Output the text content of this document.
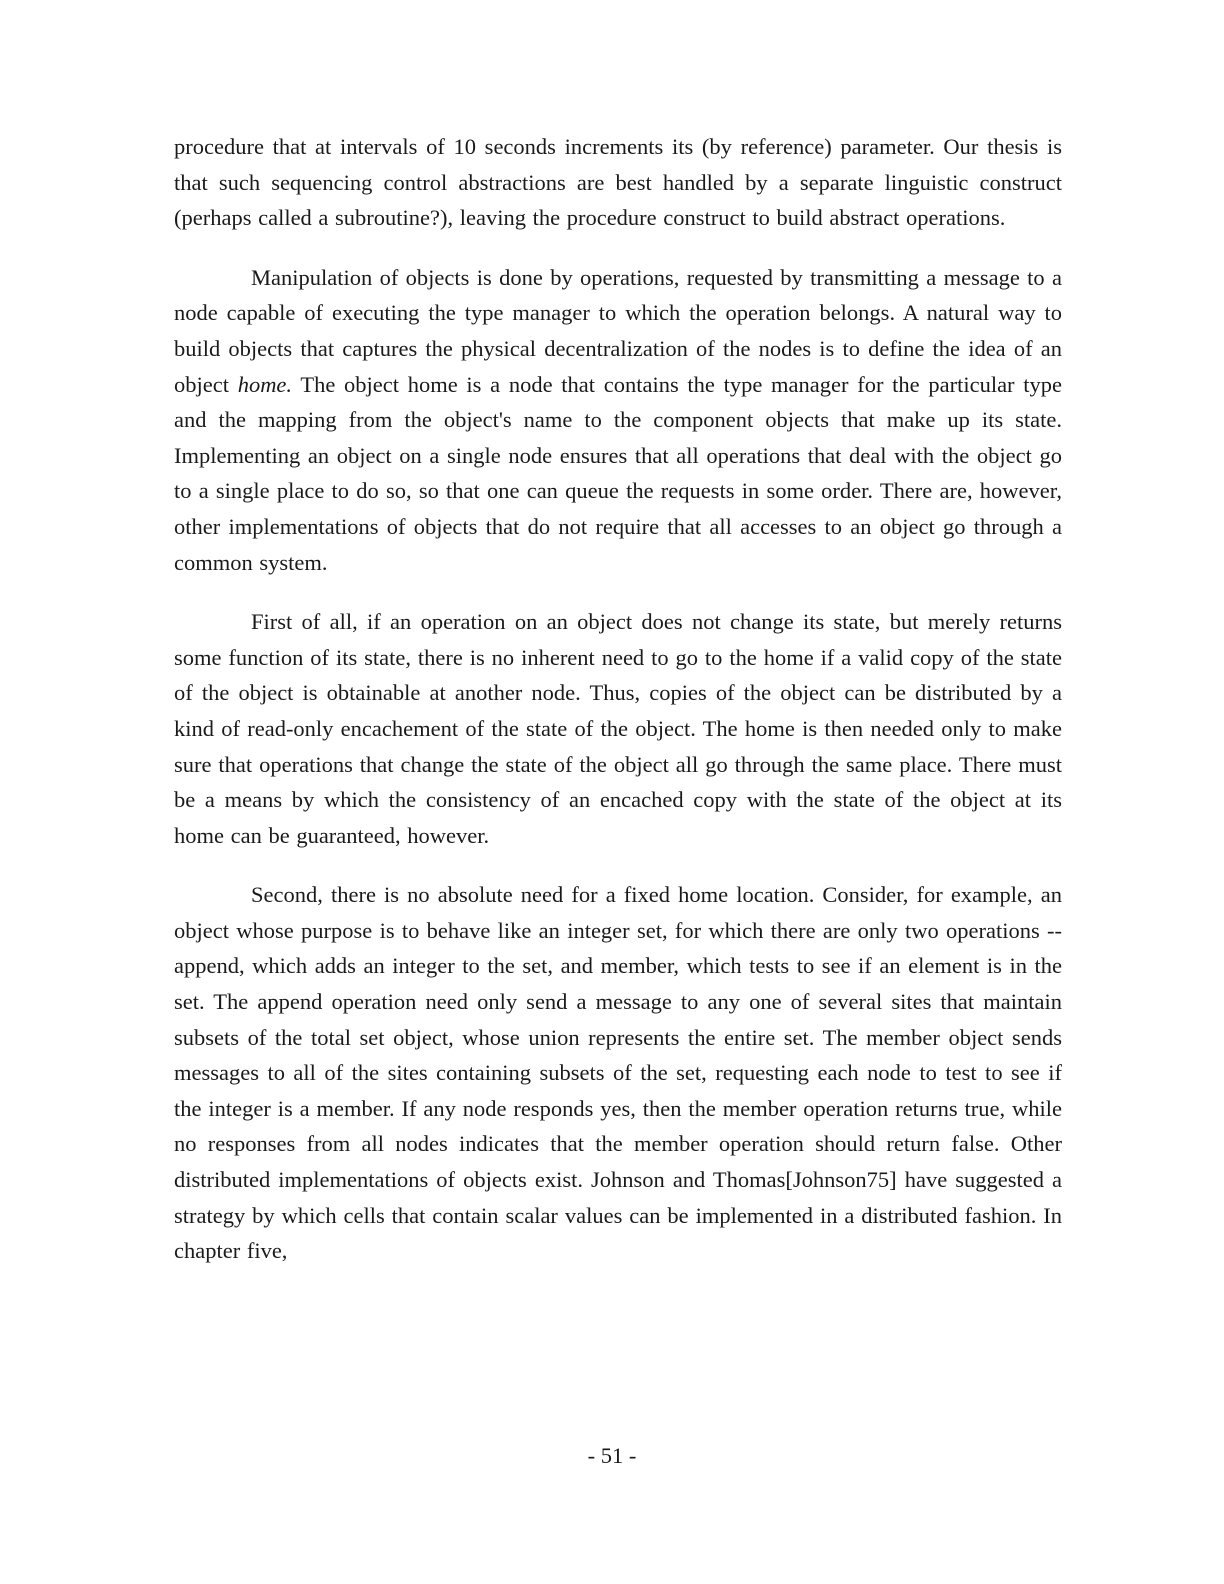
procedure that at intervals of 10 seconds increments its (by reference) parameter. Our thesis is that such sequencing control abstractions are best handled by a separate linguistic construct (perhaps called a subroutine?), leaving the procedure construct to build abstract operations.

Manipulation of objects is done by operations, requested by transmitting a message to a node capable of executing the type manager to which the operation belongs. A natural way to build objects that captures the physical decentralization of the nodes is to define the idea of an object home. The object home is a node that contains the type manager for the particular type and the mapping from the object's name to the component objects that make up its state. Implementing an object on a single node ensures that all operations that deal with the object go to a single place to do so, so that one can queue the requests in some order. There are, however, other implementations of objects that do not require that all accesses to an object go through a common system.

First of all, if an operation on an object does not change its state, but merely returns some function of its state, there is no inherent need to go to the home if a valid copy of the state of the object is obtainable at another node. Thus, copies of the object can be distributed by a kind of read-only encachement of the state of the object. The home is then needed only to make sure that operations that change the state of the object all go through the same place. There must be a means by which the consistency of an encached copy with the state of the object at its home can be guaranteed, however.

Second, there is no absolute need for a fixed home location. Consider, for example, an object whose purpose is to behave like an integer set, for which there are only two operations -- append, which adds an integer to the set, and member, which tests to see if an element is in the set. The append operation need only send a message to any one of several sites that maintain subsets of the total set object, whose union represents the entire set. The member object sends messages to all of the sites containing subsets of the set, requesting each node to test to see if the integer is a member. If any node responds yes, then the member operation returns true, while no responses from all nodes indicates that the member operation should return false. Other distributed implementations of objects exist. Johnson and Thomas[Johnson75] have suggested a strategy by which cells that contain scalar values can be implemented in a distributed fashion. In chapter five,

- 51 -
